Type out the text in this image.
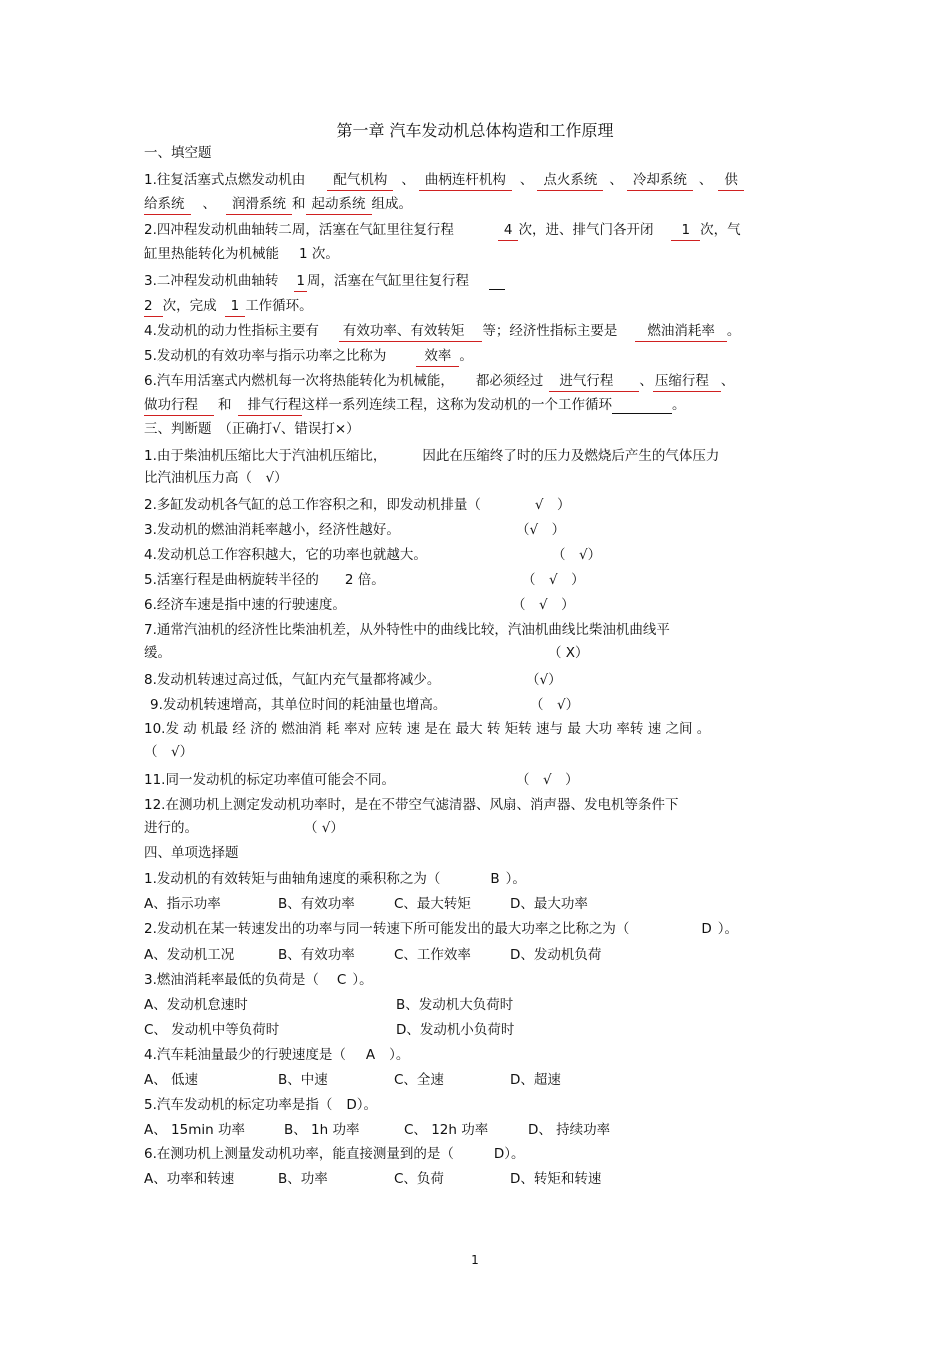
第一章 汽车发动机总体构造和工作原理
一、填空题
1.往复活塞式点燃发动机由 配气机构 、 曲柄连杆机构 、 点火系统 、 冷却系统 、 供
给系统 、 润滑系统 和 起动系统 组成。
2.四冲程发动机曲轴转二周，活塞在气缸里往复行程	4 次，进、排气门各开闭 1 次，气
缸里热能转化为机械能 1 次。
3.二冲程发动机曲轴转 1 周，活塞在气缸里往复行程
2 次，完成 1 工作循环。
4.发动机的动力性指标主要有 有效功率、有效转矩 等；经济性指标主要是 燃油消耗率 。
5.发动机的有效功率与指示功率之比称为	效率 。
6.汽车用活塞式内燃机每一次将热能转化为机械能， 都必须经过 进气行程 、 压缩行程 、
做功行程 和 排气行程这样一系列连续工程，这称为发动机的一个工作循环	。
三、判断题　（正确打√、错误打×）
1.由于柴油机压缩比大于汽油机压缩比，	因此在压缩终了时的压力及燃烧后产生的气体压力
比汽油机压力高（　√）
2.多缸发动机各气缸的总工作容积之和，即发动机排量（	√　）
3.发动机的燃油消耗率越小，经济性越好。	（√　）
4.发动机总工作容积越大，它的功率也就越大。	（　√）
5.活塞行程是曲柄旋转半径的 2 倍。	（　√　）
6.经济车速是指中速的行驶速度。	（　√　）
7.通常汽油机的经济性比柴油机差，从外特性中的曲线比较，汽油机曲线比柴油机曲线平
缓。	（ X）
8.发动机转速过高过低，气缸内充气量都将减少。	（√）
9.发动机转速增高，其单位时间的耗油量也增高。	（　√）
10.发 动 机最 经 济的 燃油消 耗 率对 应转 速 是在 最大 转 矩转 速与 最 大功 率转 速 之间 。
（　√）
11.同一发动机的标定功率值可能会不同。	（　√　）
12.在测功机上测定发动机功率时，是在不带空气滤清器、风扇、消声器、发电机等条件下
进行的。	（ √）
四、单项选择题
1.发动机的有效转矩与曲轴角速度的乘积称之为（	B ）。
A、指示功率	B、有效功率	C、最大转矩	D、最大功率
2.发动机在某一转速发出的功率与同一转速下所可能发出的最大功率之比称之为（	D ）。
A、发动机工况	B、有效功率	C、工作效率	D、发动机负荷
3.燃油消耗率最低的负荷是（ C ）。
A、发动机怠速时	B、发动机大负荷时
C、 发动机中等负荷时	D、发动机小负荷时
4.汽车耗油量最少的行驶速度是（ A ）。
A、 低速	B、中速	C、全速	D、超速
5.汽车发动机的标定功率是指（ D）。
A、 15min 功率	B、 1h 功率	C、 12h 功率	D、 持续功率
6.在测功机上测量发动机功率，能直接测量到的是（	D）。
A、功率和转速	B、功率	C、负荷	D、转矩和转速
1
